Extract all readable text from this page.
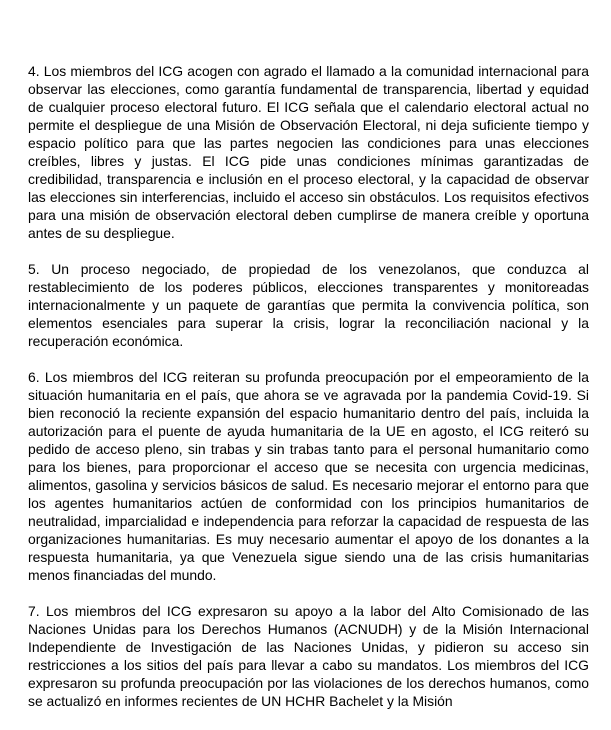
4. Los miembros del ICG acogen con agrado el llamado a la comunidad internacional para observar las elecciones, como garantía fundamental de transparencia, libertad y equidad de cualquier proceso electoral futuro. El ICG señala que el calendario electoral actual no permite el despliegue de una Misión de Observación Electoral, ni deja suficiente tiempo y espacio político para que las partes negocien las condiciones para unas elecciones creíbles, libres y justas. El ICG pide unas condiciones mínimas garantizadas de credibilidad, transparencia e inclusión en el proceso electoral, y la capacidad de observar las elecciones sin interferencias, incluido el acceso sin obstáculos. Los requisitos efectivos para una misión de observación electoral deben cumplirse de manera creíble y oportuna antes de su despliegue.

5. Un proceso negociado, de propiedad de los venezolanos, que conduzca al restablecimiento de los poderes públicos, elecciones transparentes y monitoreadas internacionalmente y un paquete de garantías que permita la convivencia política, son elementos esenciales para superar la crisis, lograr la reconciliación nacional y la recuperación económica.

6. Los miembros del ICG reiteran su profunda preocupación por el empeoramiento de la situación humanitaria en el país, que ahora se ve agravada por la pandemia Covid-19. Si bien reconoció la reciente expansión del espacio humanitario dentro del país, incluida la autorización para el puente de ayuda humanitaria de la UE en agosto, el ICG reiteró su pedido de acceso pleno, sin trabas y sin trabas tanto para el personal humanitario como para los bienes, para proporcionar el acceso que se necesita con urgencia medicinas, alimentos, gasolina y servicios básicos de salud. Es necesario mejorar el entorno para que los agentes humanitarios actúen de conformidad con los principios humanitarios de neutralidad, imparcialidad e independencia para reforzar la capacidad de respuesta de las organizaciones humanitarias. Es muy necesario aumentar el apoyo de los donantes a la respuesta humanitaria, ya que Venezuela sigue siendo una de las crisis humanitarias menos financiadas del mundo.

7. Los miembros del ICG expresaron su apoyo a la labor del Alto Comisionado de las Naciones Unidas para los Derechos Humanos (ACNUDH) y de la Misión Internacional Independiente de Investigación de las Naciones Unidas, y pidieron su acceso sin restricciones a los sitios del país para llevar a cabo su mandatos. Los miembros del ICG expresaron su profunda preocupación por las violaciones de los derechos humanos, como se actualizó en informes recientes de UN HCHR Bachelet y la Misión
